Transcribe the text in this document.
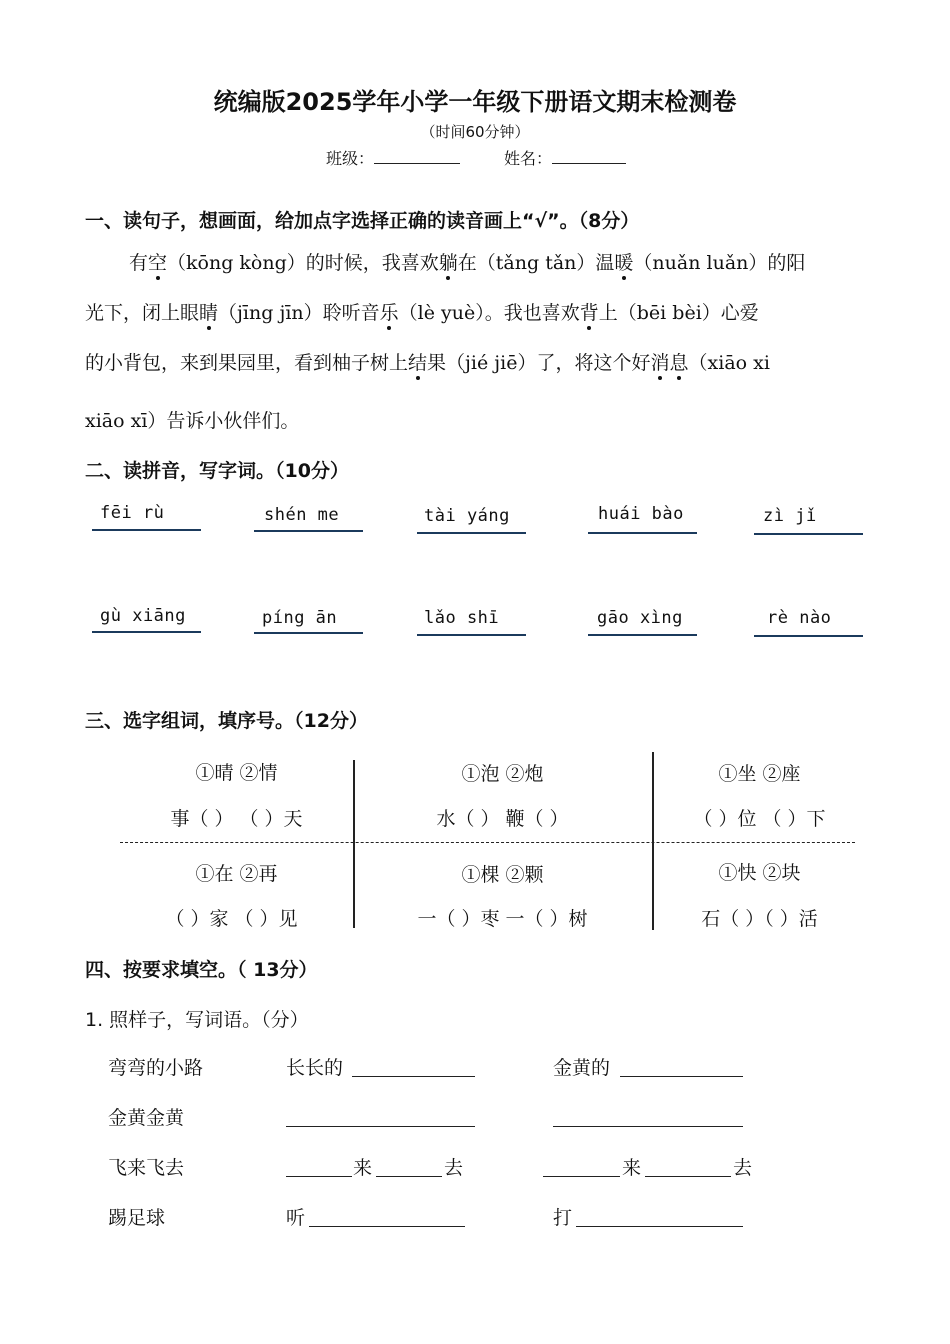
统编版2025学年小学一年级下册语文期末检测卷
（时间60分钟）
班级：	姓名：
一、读句子，想画面，给加点字选择正确的读音画上“√”。（8分）
有空（kōng kòng）的时候，我喜欢躺在（tǎng tǎn）温暖（nuǎn luǎn）的阳
光下，闭上眼睛（jīng jīn）聆听音乐（lè yuè）。我也喜欢背上（bēi bèi）心爱
的小背包，来到果园里，看到柚子树上结果（jié jiē）了，将这个好消息（xiāo xi
xiāo xī）告诉小伙伴们。
二、读拼音，写字词。（10分）
fēi rù	shén me	tài yáng	huái bào	zì jǐ
gù xiāng	píng ān	lǎo shī	gāo xìng	rè nào
三、选字组词，填序号。（12分）
①晴 ②情
事（ ） （ ）天
①泡 ②炮
水（ ） 鞭（ ）
①坐 ②座
（ ）位 （ ）下
①在 ②再
（ ）家 （ ）见
①棵 ②颗
一（ ）枣 一（ ）树
①快 ②块
石（ ）（ ）活
四、按要求填空。（ 13分）
1. 照样子，写词语。（分）
弯弯的小路	长长的	金黄的
金黄金黄
飞来飞去	来	去	来	去
踢足球	听	打
